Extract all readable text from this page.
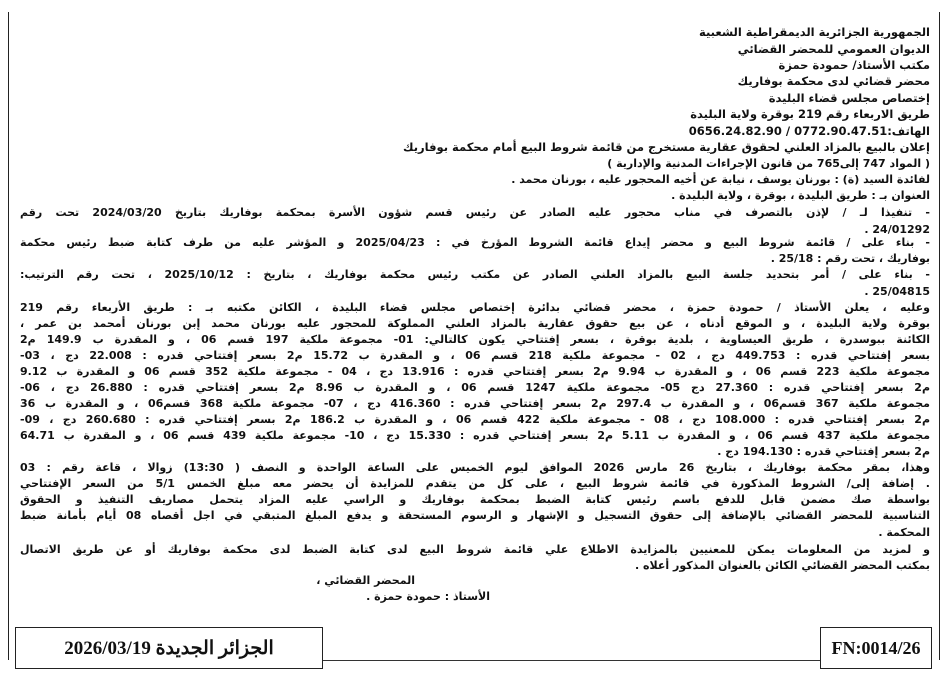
الجمهورية الجزائرية الديمقراطية الشعبية
الديوان العمومي للمحضر القضائي
مكتب الأستاذ/ حمودة حمزة
محضر قضائي لدى محكمة بوفاريك
إختصاص مجلس قضاء البليدة
طريق الاربعاء رقم 219 بوقرة ولاية البليدة
الهاتف:0772.90.47.51 / 0656.24.82.90
إعلان بالبيع بالمزاد العلني لحقوق عقارية مستخرج من قائمة شروط البيع أمام محكمة بوفاريك
( المواد 747 إلى765 من قانون الإجراءات المدنية والإدارية )
لفائدة السيد (ة) : بورنان يوسف ، نيابة عن أخيه المحجور عليه ، بورنان محمد .
العنوان بـ : طريق البليدة ، بوقرة ، ولاية البليدة .
- تنفيذا لـ / لإذن بالتصرف في مناب محجور عليه الصادر عن رئيس قسم شؤون الأسرة بمحكمة بوفاريك بتاريخ 2024/03/20 تحت رقم
24/01292 .
- بناء على / قائمة شروط البيع و محضر إيداع قائمة الشروط المؤرخ في : 2025/04/23 و المؤشر عليه من طرف كتابة ضبط رئيس محكمة
بوفاريك ، تحت رقم : 25/18 .
- بناء على / أمر بتحديد جلسة البيع بالمزاد العلني الصادر عن مكتب رئيس محكمة بوفاريك ، بتاريخ : 2025/10/12 ، تحت رقم الترتيب:
25/04815 .
وعليه ، يعلن الأستاذ / حمودة حمزة ، محضر قضائي بدائرة إختصاص مجلس قضاء البليدة ، الكائن مكتبه بـ : طريق الأربعاء رقم 219
بوقرة ولاية البليدة ، و الموقع أدناه ، عن بيع حقوق عقارية بالمزاد العلني المملوكة للمحجور عليه بورنان محمد إبن بورنان أمحمد بن عمر ،
الكائنة ببوسدرة ، طريق العيساوية ، بلدية بوقرة ، بسعر إفتتاحي يكون كالتالي: 01- مجموعة ملكية 197 قسم 06 ، و المقدرة ب 149.9 م2
بسعر إفتتاحي قدره : 449.753 دج ، 02 - مجموعة ملكية 218 قسم 06 ، و المقدرة ب 15.72 م2 بسعر إفتتاحي قدره : 22.008 دج ، 03-
مجموعة ملكية 223 قسم 06 ، و المقدرة ب 9.94 م2 بسعر إفتتاحي قدره : 13.916 دج ، 04 - مجموعة ملكية 352 قسم 06 و المقدرة ب 9.12
م2 بسعر إفتتاحي قدره : 27.360 دج 05- مجموعة ملكية 1247 قسم 06 ، و المقدرة ب 8.96 م2 بسعر إفتتاحي قدره : 26.880 دج ، 06-
مجموعة ملكية 367 قسم06 ، و المقدرة ب 297.4 م2 بسعر إفتتاحي قدره : 416.360 دج ، 07- مجموعة ملكية 368 قسم06 ، و المقدرة ب 36
م2 بسعر إفتتاحي قدره : 108.000 دج ، 08 - مجموعة ملكية 422 قسم 06 ، و المقدرة ب 186.2 م2 بسعر إفتتاحي قدره : 260.680 دج ، 09-
مجموعة ملكية 437 قسم 06 ، و المقدرة ب 5.11 م2 بسعر إفتتاحي قدره : 15.330 دج ، 10- مجموعة ملكية 439 قسم 06 ، و المقدرة ب 64.71
م2 بسعر إفتتاحي قدره : 194.130 دج .
وهذا، بمقر محكمة بوفاريك ، بتاريخ 26 مارس 2026 الموافق ليوم الخميس على الساعة الواحدة و النصف ( 13:30) زوالا ، قاعة رقم : 03
. إضافة إلى/ الشروط المذكورة في قائمة شروط البيع ، على كل من يتقدم للمزايدة أن يحضر معه مبلغ الخمس 5/1 من السعر الإفتتاحي
بواسطة صك مضمن قابل للدفع باسم رئيس كتابة الضبط بمحكمة بوفاريك و الراسي عليه المزاد يتحمل مصاريف التنفيذ و الحقوق
التناسبية للمحضر القضائي بالإضافة إلى حقوق التسجيل و الإشهار و الرسوم المستحقة و يدفع المبلغ المتبقي في اجل أقصاه 08 أيام بأمانة ضبط
المحكمة .
و لمزيد من المعلومات يمكن للمعنيين بالمزايدة الاطلاع علي قائمة شروط البيع لدى كتابة الضبط لدى محكمة بوفاريك أو عن طريق الاتصال
بمكتب المحضر القضائي الكائن بالعنوان المذكور أعلاه .
المحضر القضائي ،
الأستاذ : حمودة حمزة .
الجزائر الجديدة 2026/03/19	FN:0014/26
